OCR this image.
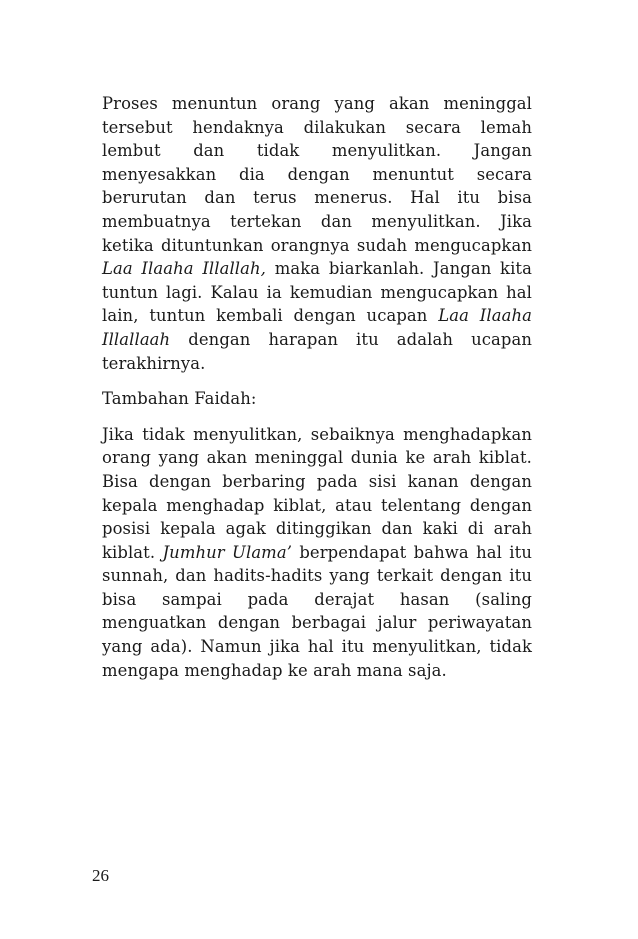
Proses menuntun orang yang akan meninggal tersebut hendaknya dilakukan secara lemah lembut dan tidak menyulitkan. Jangan menyesakkan dia dengan menuntut secara berurutan dan terus menerus. Hal itu bisa membuatnya tertekan dan menyulitkan. Jika ketika dituntunkan orangnya sudah mengucapkan Laa Ilaaha Illallah, maka biarkanlah. Jangan kita tuntun lagi. Kalau ia kemudian mengucapkan hal lain, tuntun kembali dengan ucapan Laa Ilaaha Illallaah dengan harapan itu adalah ucapan terakhirnya.

Tambahan Faidah:

Jika tidak menyulitkan, sebaiknya menghadapkan orang yang akan meninggal dunia ke arah kiblat. Bisa dengan berbaring pada sisi kanan dengan kepala menghadap kiblat, atau telentang dengan posisi kepala agak ditinggikan dan kaki di arah kiblat. Jumhur Ulama’ berpendapat bahwa hal itu sunnah, dan hadits-hadits yang terkait dengan itu bisa sampai pada derajat hasan (saling menguatkan dengan berbagai jalur periwayatan yang ada). Namun jika hal itu menyulitkan, tidak mengapa menghadap ke arah mana saja.

26
